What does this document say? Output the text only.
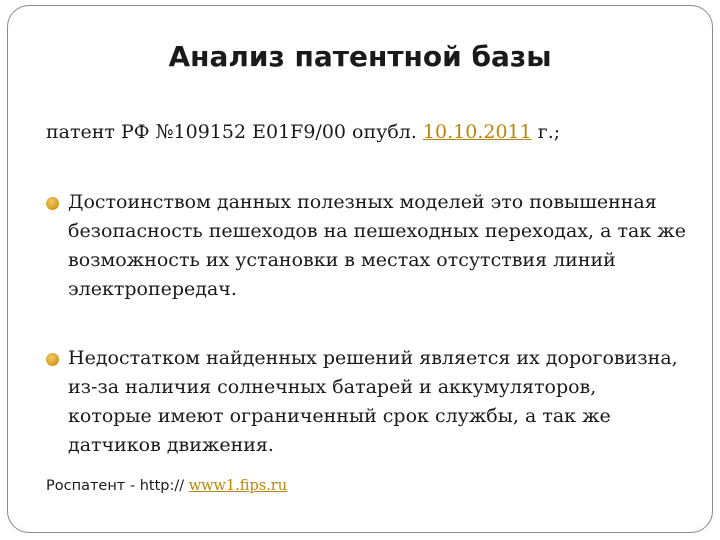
Анализ патентной базы
патент РФ №109152 Е01F9/00 опубл. 10.10.2011 г.;
Достоинством данных полезных моделей это повышенная безопасность пешеходов на пешеходных переходах, а так же возможность их установки в местах отсутствия линий электропередач.
Недостатком найденных решений является их дороговизна, из-за наличия солнечных батарей и аккумуляторов, которые имеют ограниченный срок службы, а так же датчиков движения.
Роспатент - http:// www1.fips.ru
